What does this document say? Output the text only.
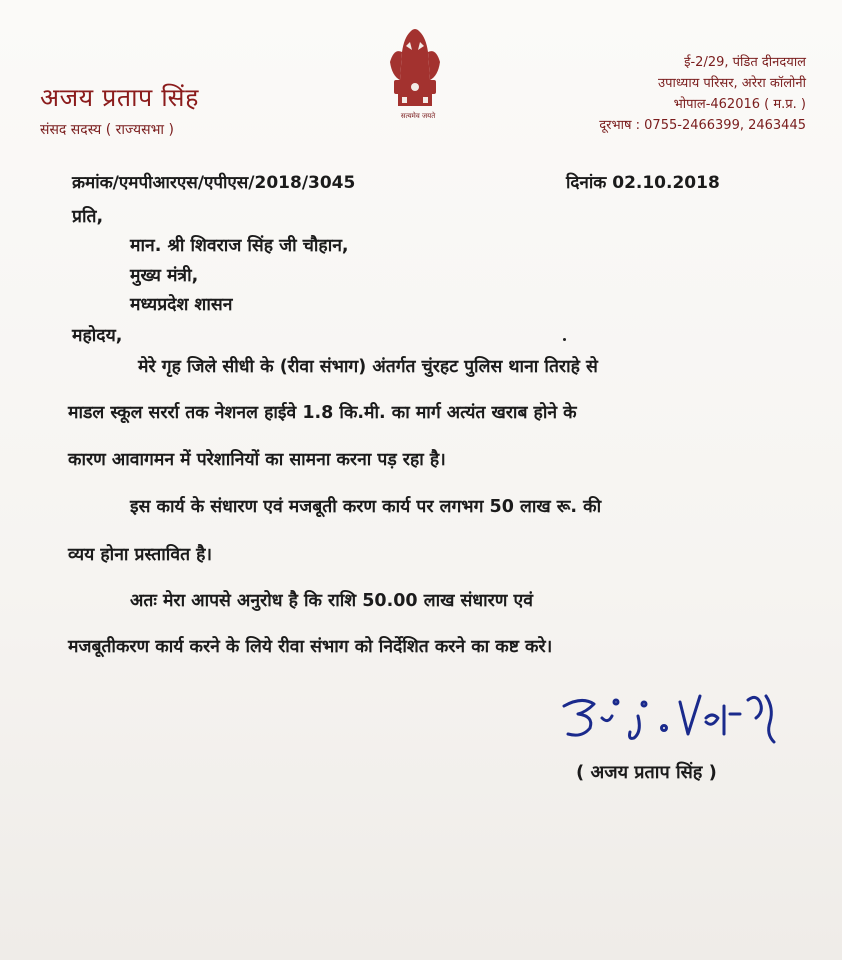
अजय प्रताप सिंह
संसद सदस्य ( राज्यसभा )
सत्यमेव जयते
ई-2/29, पंडित दीनदयाल
उपाध्याय परिसर, अरेरा कॉलोनी
भोपाल-462016 ( म.प्र. )
दूरभाष : 0755-2466399, 2463445
क्रमांक/एमपीआरएस/एपीएस/2018/3045	दिनांक 02.10.2018
प्रति,
मान. श्री शिवराज सिंह जी चौहान,
मुख्य मंत्री,
मध्यप्रदेश शासन
महोदय,
मेरे गृह जिले सीधी के (रीवा संभाग) अंतर्गत चुंरहट पुलिस थाना तिराहे से
माडल स्कूल सरर्रा तक नेशनल हाईवे 1.8 कि.मी. का मार्ग अत्यंत खराब होने के
कारण आवागमन में परेशानियों का सामना करना पड़ रहा है।
इस कार्य के संधारण एवं मजबूती करण कार्य पर लगभग 50 लाख रू. की
व्यय होना प्रस्तावित है।
अतः मेरा आपसे अनुरोध है कि राशि 50.00 लाख संधारण एवं
मजबूतीकरण कार्य करने के लिये रीवा संभाग को निर्देशित करने का कष्ट करे।
( अजय प्रताप सिंह )
